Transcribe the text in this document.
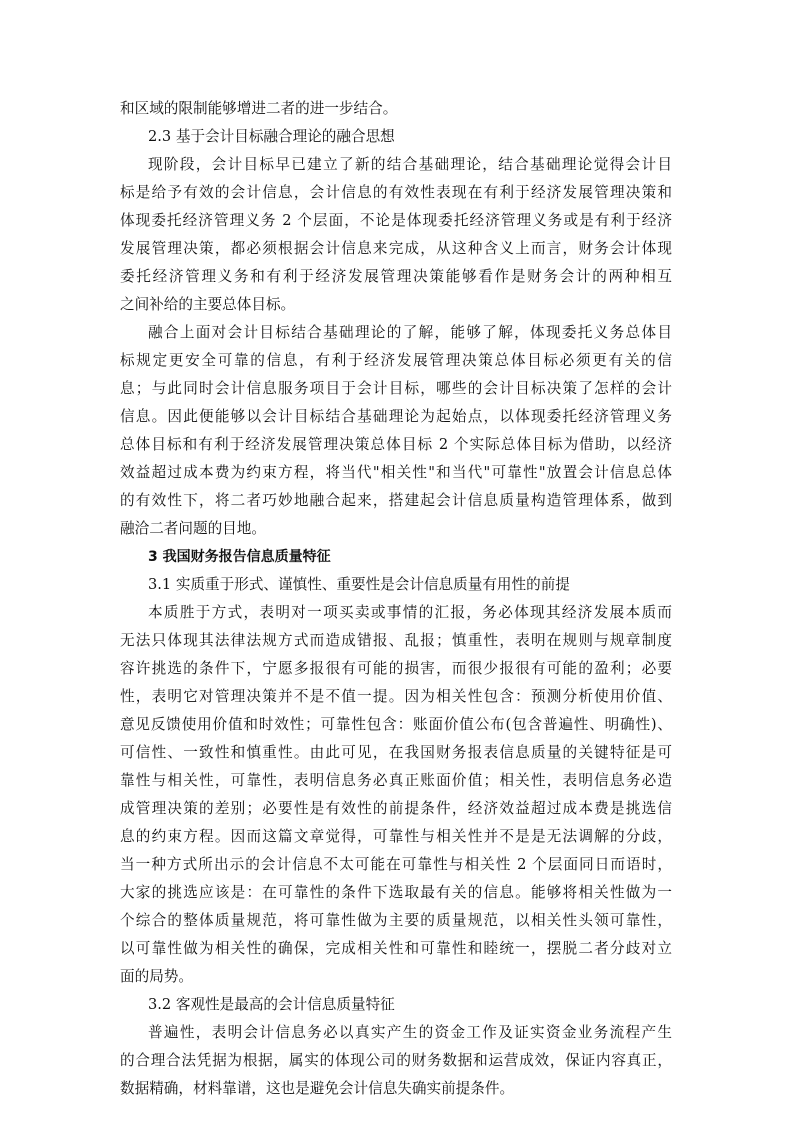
和区域的限制能够增进二者的进一步结合。
2.3 基于会计目标融合理论的融合思想
现阶段，会计目标早已建立了新的结合基础理论，结合基础理论觉得会计目
标是给予有效的会计信息，会计信息的有效性表现在有利于经济发展管理决策和
体现委托经济管理义务 2 个层面，不论是体现委托经济管理义务或是有利于经济
发展管理决策，都必须根据会计信息来完成，从这种含义上而言，财务会计体现
委托经济管理义务和有利于经济发展管理决策能够看作是财务会计的两种相互
之间补给的主要总体目标。
融合上面对会计目标结合基础理论的了解，能够了解，体现委托义务总体目
标规定更安全可靠的信息，有利于经济发展管理决策总体目标必须更有关的信
息；与此同时会计信息服务项目于会计目标，哪些的会计目标决策了怎样的会计
信息。因此便能够以会计目标结合基础理论为起始点，以体现委托经济管理义务
总体目标和有利于经济发展管理决策总体目标 2 个实际总体目标为借助，以经济
效益超过成本费为约束方程，将当代"相关性"和当代"可靠性"放置会计信息总体
的有效性下，将二者巧妙地融合起来，搭建起会计信息质量构造管理体系，做到
融洽二者问题的目地。
3 我国财务报告信息质量特征
3.1 实质重于形式、谨慎性、重要性是会计信息质量有用性的前提
本质胜于方式，表明对一项买卖或事情的汇报，务必体现其经济发展本质而
无法只体现其法律法规方式而造成错报、乱报；慎重性，表明在规则与规章制度
容许挑选的条件下，宁愿多报很有可能的损害，而很少报很有可能的盈利；必要
性，表明它对管理决策并不是不值一提。因为相关性包含：预测分析使用价值、
意见反馈使用价值和时效性；可靠性包含：账面价值公布(包含普遍性、明确性)、
可信性、一致性和慎重性。由此可见，在我国财务报表信息质量的关键特征是可
靠性与相关性，可靠性，表明信息务必真正账面价值；相关性，表明信息务必造
成管理决策的差别；必要性是有效性的前提条件，经济效益超过成本费是挑选信
息的约束方程。因而这篇文章觉得，可靠性与相关性并不是是无法调解的分歧，
当一种方式所出示的会计信息不太可能在可靠性与相关性 2 个层面同日而语时，
大家的挑选应该是：在可靠性的条件下选取最有关的信息。能够将相关性做为一
个综合的整体质量规范，将可靠性做为主要的质量规范，以相关性头领可靠性，
以可靠性做为相关性的确保，完成相关性和可靠性和睦统一，摆脱二者分歧对立
面的局势。
3.2 客观性是最高的会计信息质量特征
普遍性，表明会计信息务必以真实产生的资金工作及证实资金业务流程产生
的合理合法凭据为根据，属实的体现公司的财务数据和运营成效，保证内容真正，
数据精确，材料靠谱，这也是避免会计信息失确实前提条件。
